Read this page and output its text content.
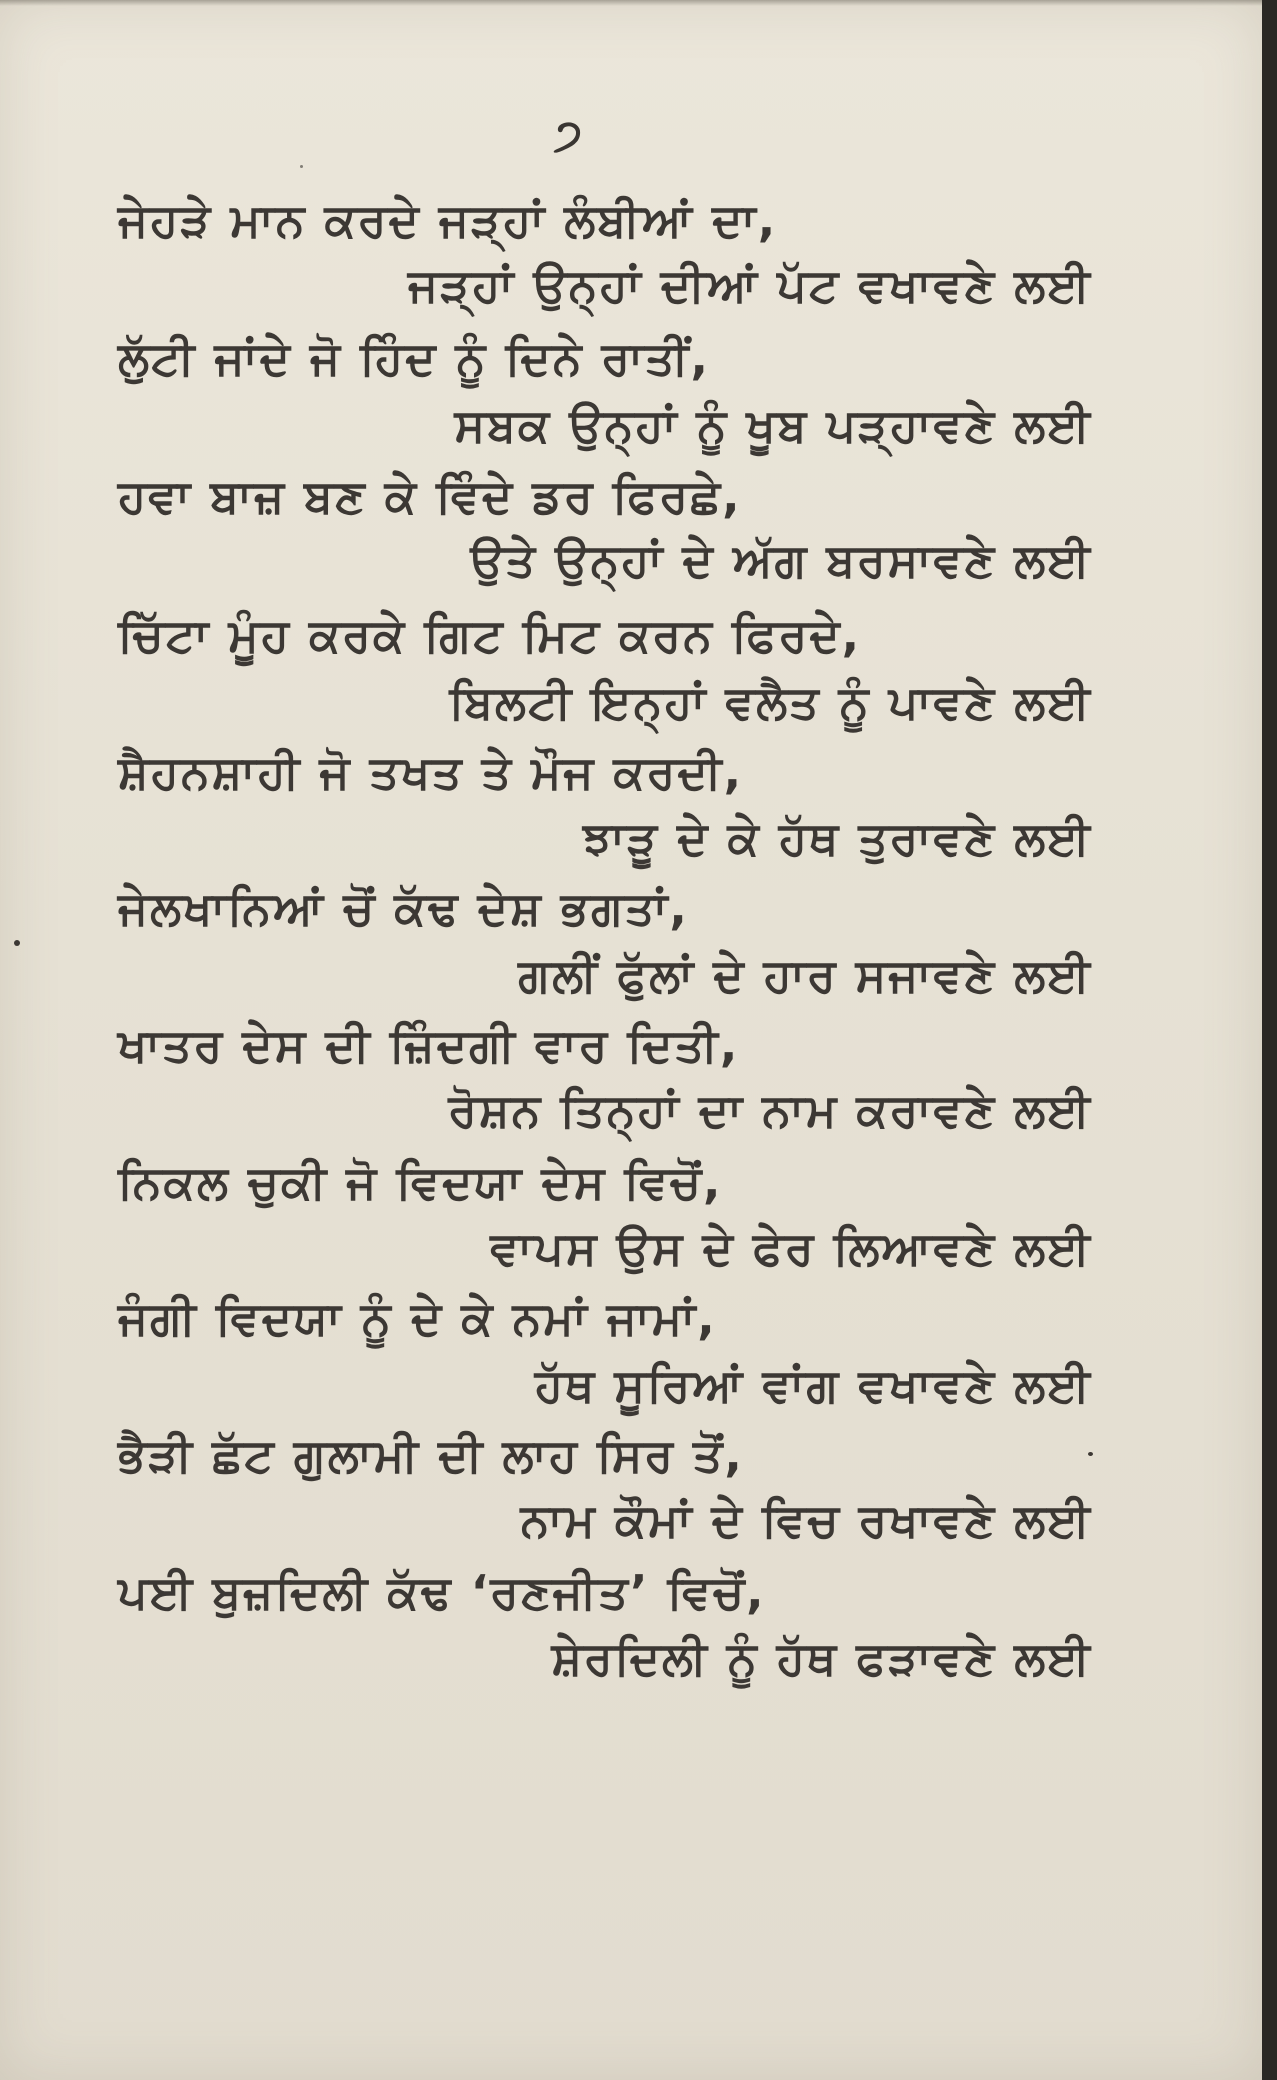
੭
ਜੇਹੜੇ ਮਾਨ ਕਰਦੇ ਜੜ੍ਹਾਂ ਲੰਬੀਆਂ ਦਾ,
ਜੜ੍ਹਾਂ ਉਨ੍ਹਾਂ ਦੀਆਂ ਪੱਟ ਵਖਾਵਣੇ ਲਈ
ਲੁੱਟੀ ਜਾਂਦੇ ਜੋ ਹਿੰਦ ਨੂੰ ਦਿਨੇ ਰਾਤੀਂ,
ਸਬਕ ਉਨ੍ਹਾਂ ਨੂੰ ਖੂਬ ਪੜ੍ਹਾਵਣੇ ਲਈ
ਹਵਾ ਬਾਜ਼ ਬਣ ਕੇ ਵਿੰਦੇ ਡਰ ਫਿਰਛੇ,
ਉਤੇ ਉਨ੍ਹਾਂ ਦੇ ਅੱਗ ਬਰਸਾਵਣੇ ਲਈ
ਚਿੱਟਾ ਮੂੰਹ ਕਰਕੇ ਗਿਟ ਮਿਟ ਕਰਨ ਫਿਰਦੇ,
ਬਿਲਟੀ ਇਨ੍ਹਾਂ ਵਲੈਤ ਨੂੰ ਪਾਵਣੇ ਲਈ
ਸ਼ੈਹਨਸ਼ਾਹੀ ਜੋ ਤਖਤ ਤੇ ਮੌਜ ਕਰਦੀ,
ਝਾੜੂ ਦੇ ਕੇ ਹੱਥ ਤੁਰਾਵਣੇ ਲਈ
ਜੇਲਖਾਨਿਆਂ ਚੋਂ ਕੱਢ ਦੇਸ਼ ਭਗਤਾਂ,
ਗਲੀਂ ਫੁੱਲਾਂ ਦੇ ਹਾਰ ਸਜਾਵਣੇ ਲਈ
ਖਾਤਰ ਦੇਸ ਦੀ ਜ਼ਿੰਦਗੀ ਵਾਰ ਦਿਤੀ,
ਰੋਸ਼ਨ ਤਿਨ੍ਹਾਂ ਦਾ ਨਾਮ ਕਰਾਵਣੇ ਲਈ
ਨਿਕਲ ਚੁਕੀ ਜੋ ਵਿਦਯਾ ਦੇਸ ਵਿਚੋਂ,
ਵਾਪਸ ਉਸ ਦੇ ਫੇਰ ਲਿਆਵਣੇ ਲਈ
ਜੰਗੀ ਵਿਦਯਾ ਨੂੰ ਦੇ ਕੇ ਨਮਾਂ ਜਾਮਾਂ,
ਹੱਥ ਸੂਰਿਆਂ ਵਾਂਗ ਵਖਾਵਣੇ ਲਈ
ਭੈੜੀ ਛੱਟ ਗੁਲਾਮੀ ਦੀ ਲਾਹ ਸਿਰ ਤੋਂ,
ਨਾਮ ਕੌਮਾਂ ਦੇ ਵਿਚ ਰਖਾਵਣੇ ਲਈ
ਪਈ ਬੁਜ਼ਦਿਲੀ ਕੱਢ ‘ਰਣਜੀਤ’ ਵਿਚੋਂ,
ਸ਼ੇਰਦਿਲੀ ਨੂੰ ਹੱਥ ਫੜਾਵਣੇ ਲਈ
